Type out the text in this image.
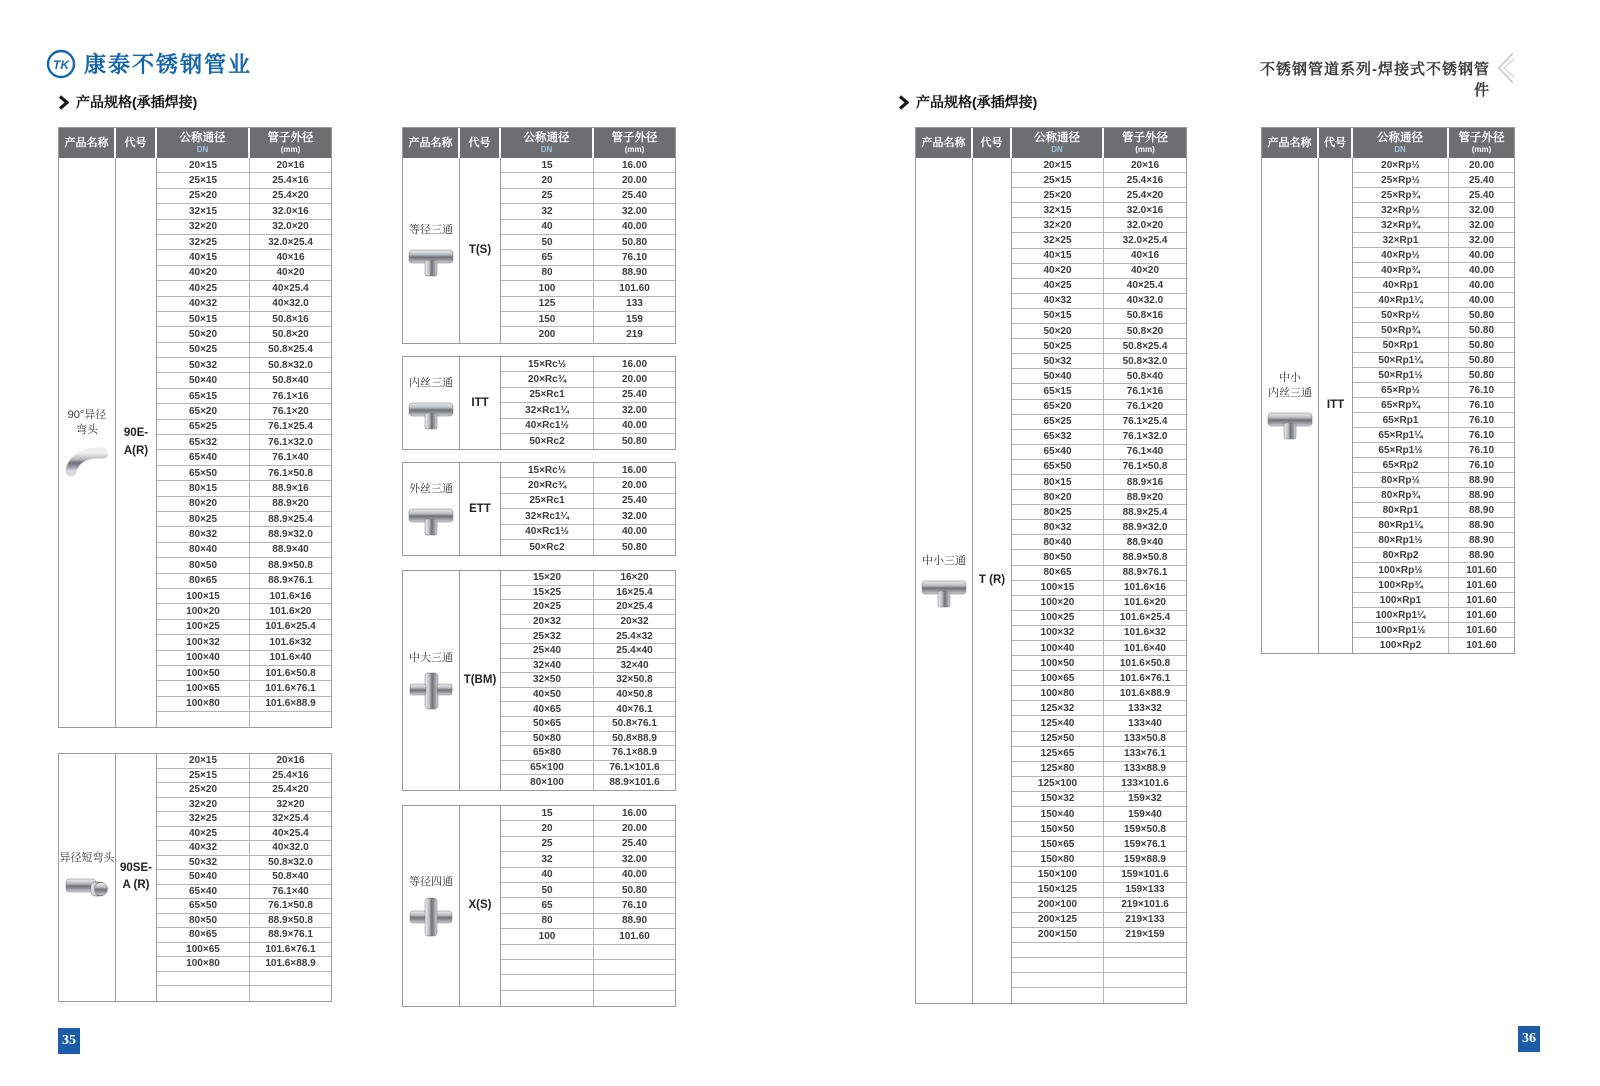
TK 康泰不锈钢管业	不锈钢管道系列-焊接式不锈钢管件
产品规格(承插焊接)	产品规格(承插焊接)
产品名称	代号	公称通径
DN
管子外径
(mm)
90°异径
弯头	90E-
A(R)
20×15	20×16
25×15	25.4×16
25×20	25.4×20
32×15	32.0×16
32×20	32.0×20
32×25	32.0×25.4
40×15	40×16
40×20	40×20
40×25	40×25.4
40×32	40×32.0
50×15	50.8×16
50×20	50.8×20
50×25	50.8×25.4
50×32	50.8×32.0
50×40	50.8×40
65×15	76.1×16
65×20	76.1×20
65×25	76.1×25.4
65×32	76.1×32.0
65×40	76.1×40
65×50	76.1×50.8
80×15	88.9×16
80×20	88.9×20
80×25	88.9×25.4
80×32	88.9×32.0
80×40	88.9×40
80×50	88.9×50.8
80×65	88.9×76.1
100×15	101.6×16
100×20	101.6×20
100×25	101.6×25.4
100×32	101.6×32
100×40	101.6×40
100×50	101.6×50.8
100×65	101.6×76.1
100×80	101.6×88.9
异径短弯头
90SE-
A (R)
20×15	20×16
25×15	25.4×16
25×20	25.4×20
32×20	32×20
32×25	32×25.4
40×25	40×25.4
40×32	40×32.0
50×32	50.8×32.0
50×40	50.8×40
65×40	76.1×40
65×50	76.1×50.8
80×50	88.9×50.8
80×65	88.9×76.1
100×65	101.6×76.1
100×80	101.6×88.9
产品名称	代号	公称通径
DN
管子外径
(mm)
等径三通
T(S)
15	16.00
20	20.00
25	25.40
32	32.00
40	40.00
50	50.80
65	76.10
80	88.90
100	101.60
125	133
150	159
200	219
内丝三通
ITT
15×Rc½	16.00
20×Rc¾	20.00
25×Rc1	25.40
32×Rc1¼	32.00
40×Rc1½	40.00
50×Rc2	50.80
外丝三通
ETT
15×Rc½	16.00
20×Rc¾	20.00
25×Rc1	25.40
32×Rc1¼	32.00
40×Rc1½	40.00
50×Rc2	50.80
中大三通
T(BM)
15×20	16×20
15×25	16×25.4
20×25	20×25.4
20×32	20×32
25×32	25.4×32
25×40	25.4×40
32×40	32×40
32×50	32×50.8
40×50	40×50.8
40×65	40×76.1
50×65	50.8×76.1
50×80	50.8×88.9
65×80	76.1×88.9
65×100	76.1×101.6
80×100	88.9×101.6
等径四通
X(S)
15	16.00
20	20.00
25	25.40
32	32.00
40	40.00
50	50.80
65	76.10
80	88.90
100	101.60
产品名称	代号	公称通径
DN
管子外径
(mm)
中小三通
T (R)
20×15	20×16
25×15	25.4×16
25×20	25.4×20
32×15	32.0×16
32×20	32.0×20
32×25	32.0×25.4
40×15	40×16
40×20	40×20
40×25	40×25.4
40×32	40×32.0
50×15	50.8×16
50×20	50.8×20
50×25	50.8×25.4
50×32	50.8×32.0
50×40	50.8×40
65×15	76.1×16
65×20	76.1×20
65×25	76.1×25.4
65×32	76.1×32.0
65×40	76.1×40
65×50	76.1×50.8
80×15	88.9×16
80×20	88.9×20
80×25	88.9×25.4
80×32	88.9×32.0
80×40	88.9×40
80×50	88.9×50.8
80×65	88.9×76.1
100×15	101.6×16
100×20	101.6×20
100×25	101.6×25.4
100×32	101.6×32
100×40	101.6×40
100×50	101.6×50.8
100×65	101.6×76.1
100×80	101.6×88.9
125×32	133×32
125×40	133×40
125×50	133×50.8
125×65	133×76.1
125×80	133×88.9
125×100	133×101.6
150×32	159×32
150×40	159×40
150×50	159×50.8
150×65	159×76.1
150×80	159×88.9
150×100	159×101.6
150×125	159×133
200×100	219×101.6
200×125	219×133
200×150	219×159
产品名称	代号	公称通径
DN
管子外径
(mm)
中小
内丝三通
ITT
20×Rp½	20.00
25×Rp½	25.40
25×Rp¾	25.40
32×Rp½	32.00
32×Rp¾	32.00
32×Rp1	32.00
40×Rp½	40.00
40×Rp¾	40.00
40×Rp1	40.00
40×Rp1¼	40.00
50×Rp½	50.80
50×Rp¾	50.80
50×Rp1	50.80
50×Rp1¼	50.80
50×Rp1½	50.80
65×Rp½	76.10
65×Rp¾	76.10
65×Rp1	76.10
65×Rp1¼	76.10
65×Rp1½	76.10
65×Rp2	76.10
80×Rp½	88.90
80×Rp¾	88.90
80×Rp1	88.90
80×Rp1¼	88.90
80×Rp1½	88.90
80×Rp2	88.90
100×Rp½	101.60
100×Rp¾	101.60
100×Rp1	101.60
100×Rp1¼	101.60
100×Rp1½	101.60
100×Rp2	101.60
35	36
